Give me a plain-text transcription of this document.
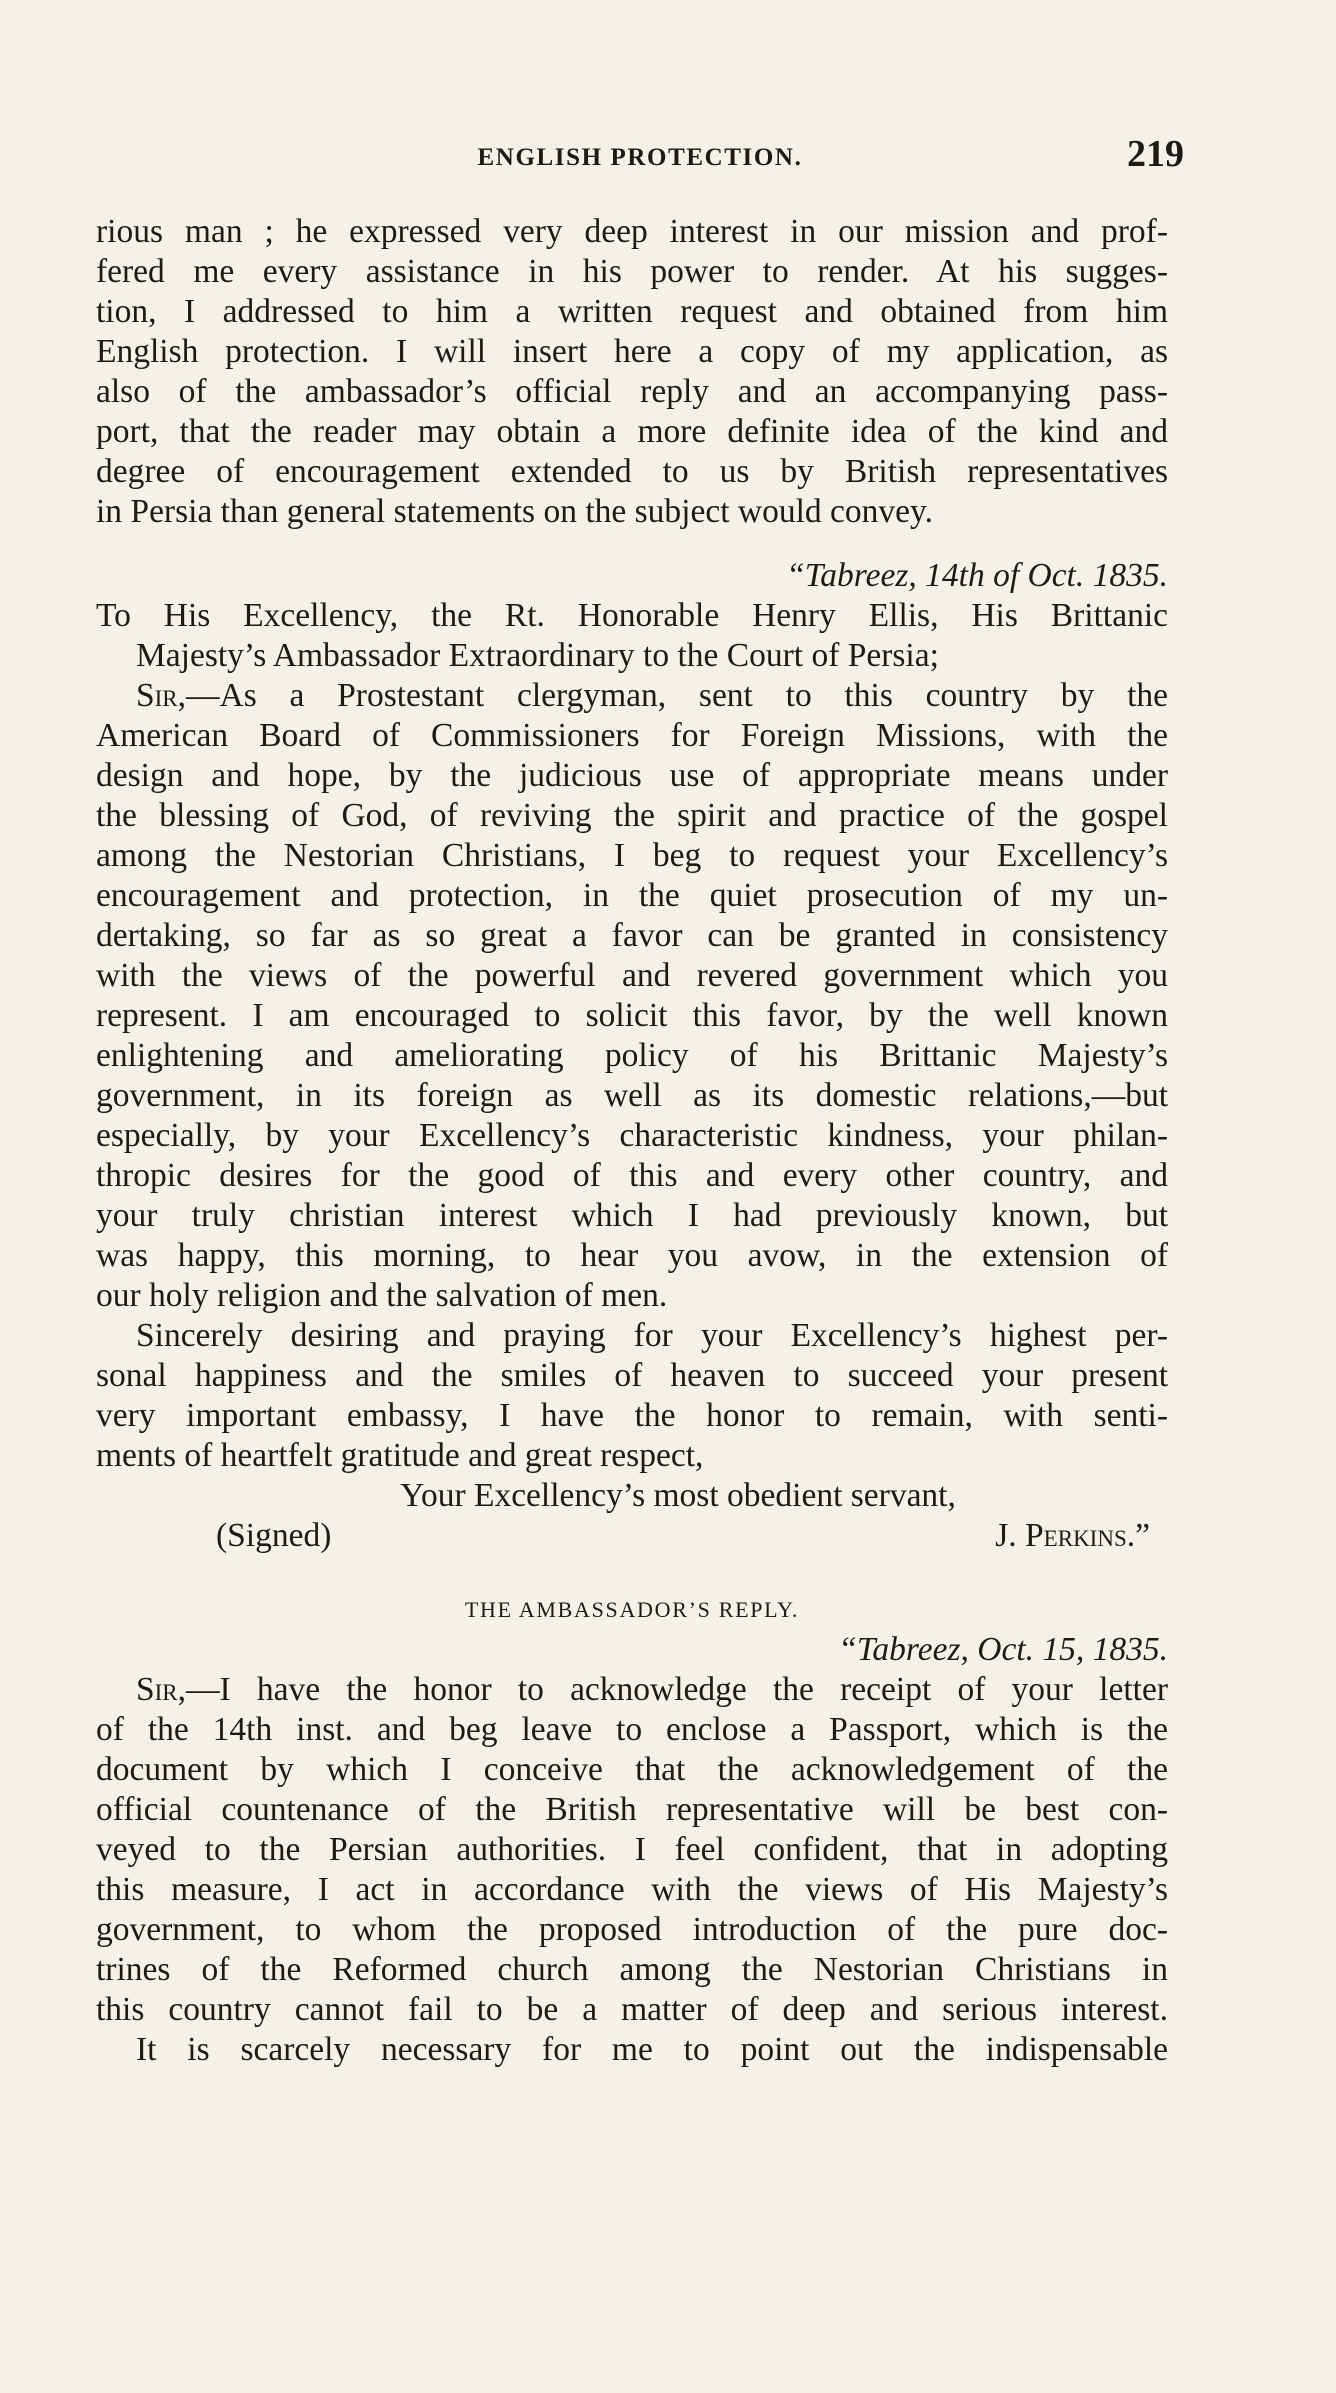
ENGLISH PROTECTION.	219
rious man ; he expressed very deep interest in our mission and prof-
fered me every assistance in his power to render. At his sugges-
tion, I addressed to him a written request and obtained from him
English protection. I will insert here a copy of my application, as
also of the ambassador’s official reply and an accompanying pass-
port, that the reader may obtain a more definite idea of the kind and
degree of encouragement extended to us by British representatives
in Persia than general statements on the subject would convey.
“Tabreez, 14th of Oct. 1835.
To His Excellency, the Rt. Honorable Henry Ellis, His Brittanic
Majesty’s Ambassador Extraordinary to the Court of Persia;
Sir,—As a Prostestant clergyman, sent to this country by the
American Board of Commissioners for Foreign Missions, with the
design and hope, by the judicious use of appropriate means under
the blessing of God, of reviving the spirit and practice of the gospel
among the Nestorian Christians, I beg to request your Excellency’s
encouragement and protection, in the quiet prosecution of my un-
dertaking, so far as so great a favor can be granted in consistency
with the views of the powerful and revered government which you
represent. I am encouraged to solicit this favor, by the well known
enlightening and ameliorating policy of his Brittanic Majesty’s
government, in its foreign as well as its domestic relations,—but
especially, by your Excellency’s characteristic kindness, your philan-
thropic desires for the good of this and every other country, and
your truly christian interest which I had previously known, but
was happy, this morning, to hear you avow, in the extension of
our holy religion and the salvation of men.
Sincerely desiring and praying for your Excellency’s highest per-
sonal happiness and the smiles of heaven to succeed your present
very important embassy, I have the honor to remain, with senti-
ments of heartfelt gratitude and great respect,
Your Excellency’s most obedient servant,
(Signed)	J. Perkins.”
THE AMBASSADOR’S REPLY.
“Tabreez, Oct. 15, 1835.
Sir,—I have the honor to acknowledge the receipt of your letter
of the 14th inst. and beg leave to enclose a Passport, which is the
document by which I conceive that the acknowledgement of the
official countenance of the British representative will be best con-
veyed to the Persian authorities. I feel confident, that in adopting
this measure, I act in accordance with the views of His Majesty’s
government, to whom the proposed introduction of the pure doc-
trines of the Reformed church among the Nestorian Christians in
this country cannot fail to be a matter of deep and serious interest.
It is scarcely necessary for me to point out the indispensable
